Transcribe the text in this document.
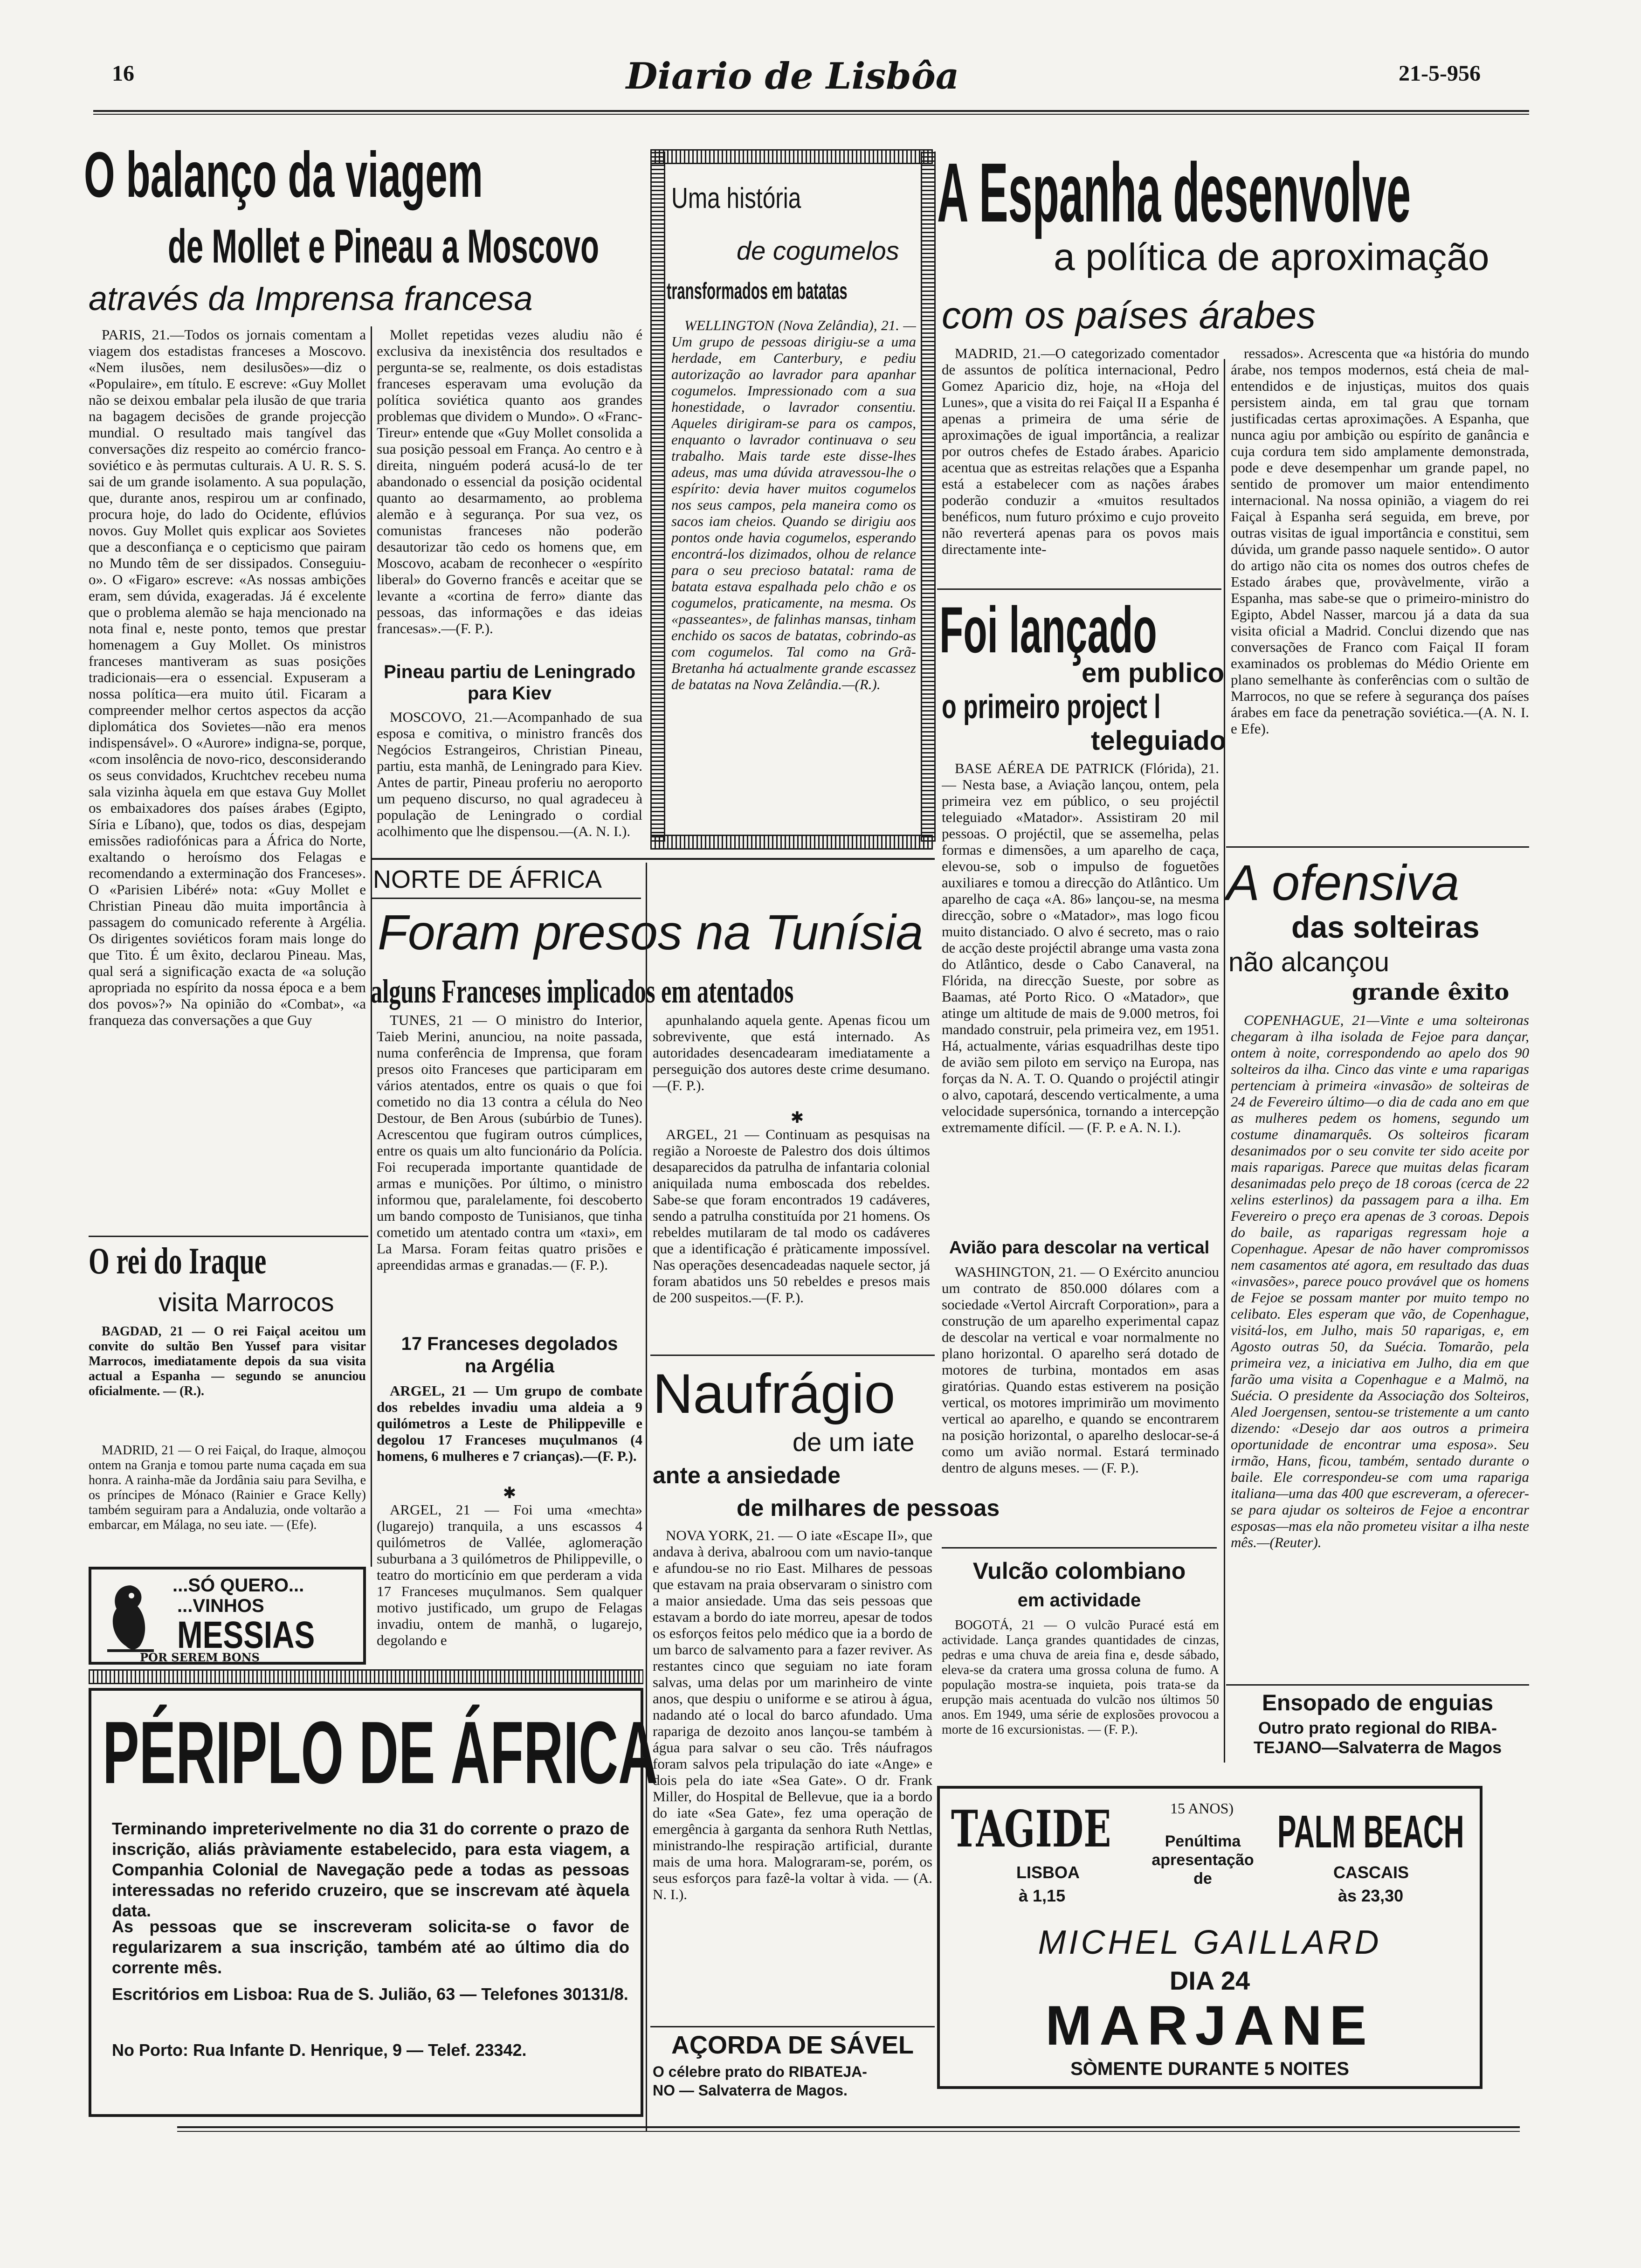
16	Diario de Lisbôa	21-5-956
O balanço da viagem
de Mollet e Pineau a Moscovo
através da Imprensa francesa

PARIS, 21.—Todos os jornais comentam a viagem dos estadistas franceses a Moscovo. «Nem ilusões, nem desilusões»—diz o «Populaire», em título. E escreve: «Guy Mollet não se deixou embalar pela ilusão de que traria na bagagem decisões de grande projecção mundial. O resultado mais tangível das conversações diz respeito ao comércio franco-soviético e às permutas culturais. A U. R. S. S. sai de um grande isolamento. A sua população, que, durante anos, respirou um ar confinado, procura hoje, do lado do Ocidente, eflúvios novos. Guy Mollet quis explicar aos Sovietes que a desconfiança e o cepticismo que pairam no Mundo têm de ser dissipados. Conseguiu-o». O «Figaro» escreve: «As nossas ambições eram, sem dúvida, exageradas. Já é excelente que o problema alemão se haja mencionado na nota final e, neste ponto, temos que prestar homenagem a Guy Mollet. Os ministros franceses mantiveram as suas posições tradicionais—era o essencial. Expuseram a nossa política—era muito útil. Ficaram a compreender melhor certos aspectos da acção diplomática dos Sovietes—não era menos indispensável». O «Aurore» indigna-se, porque, «com insolência de novo-rico, desconsiderando os seus convidados, Kruchtchev recebeu numa sala vizinha àquela em que estava Guy Mollet os embaixadores dos países árabes (Egipto, Síria e Líbano), que, todos os dias, despejam emissões radiofónicas para a África do Norte, exaltando o heroísmo dos Felagas e recomendando a exterminação dos Franceses». O «Parisien Libéré» nota: «Guy Mollet e Christian Pineau dão muita importância à passagem do comunicado referente à Argélia. Os dirigentes soviéticos foram mais longe do que Tito. É um êxito, declarou Pineau. Mas, qual será a significação exacta de «a solução apropriada no espírito da nossa época e a bem dos povos»?» Na opinião do «Combat», «a franqueza das conversações a que Guy

Mollet repetidas vezes aludiu não é exclusiva da inexistência dos resultados e pergunta-se se, realmente, os dois estadistas franceses esperavam uma evolução da política soviética quanto aos grandes problemas que dividem o Mundo». O «Franc-Tireur» entende que «Guy Mollet consolida a sua posição pessoal em França. Ao centro e à direita, ninguém poderá acusá-lo de ter abandonado o essencial da posição ocidental quanto ao desarmamento, ao problema alemão e à segurança. Por sua vez, os comunistas franceses não poderão desautorizar tão cedo os homens que, em Moscovo, acabam de reconhecer o «espírito liberal» do Governo francês e aceitar que se levante a «cortina de ferro» diante das pessoas, das informações e das ideias francesas».—(F. P.).

Pineau partiu de Leningrado para Kiev

MOSCOVO, 21.—Acompanhado de sua esposa e comitiva, o ministro francês dos Negócios Estrangeiros, Christian Pineau, partiu, esta manhã, de Leningrado para Kiev. Antes de partir, Pineau proferiu no aeroporto um pequeno discurso, no qual agradeceu à população de Leningrado o cordial acolhimento que lhe dispensou.—(A. N. I.).

Uma história
de cogumelos
transformados em batatas

WELLINGTON (Nova Zelândia), 21. — Um grupo de pessoas dirigiu-se a uma herdade, em Canterbury, e pediu autorização ao lavrador para apanhar cogumelos. Impressionado com a sua honestidade, o lavrador consentiu. Aqueles dirigiram-se para os campos, enquanto o lavrador continuava o seu trabalho. Mais tarde este disse-lhes adeus, mas uma dúvida atravessou-lhe o espírito: devia haver muitos cogumelos nos seus campos, pela maneira como os sacos iam cheios. Quando se dirigiu aos pontos onde havia cogumelos, esperando encontrá-los dizimados, olhou de relance para o seu precioso batatal: rama de batata estava espalhada pelo chão e os cogumelos, praticamente, na mesma. Os «passeantes», de falinhas mansas, tinham enchido os sacos de batatas, cobrindo-as com cogumelos. Tal como na Grã-Bretanha há actualmente grande escassez de batatas na Nova Zelândia.—(R.).

A Espanha desenvolve
a política de aproximação
com os países árabes

MADRID, 21.—O categorizado comentador de assuntos de política internacional, Pedro Gomez Aparicio diz, hoje, na «Hoja del Lunes», que a visita do rei Faiçal II a Espanha é apenas a primeira de uma série de aproximações de igual importância, a realizar por outros chefes de Estado árabes. Aparicio acentua que as estreitas relações que a Espanha está a estabelecer com as nações árabes poderão conduzir a «muitos resultados benéficos, num futuro próximo e cujo proveito não reverterá apenas para os povos mais directamente inte-

ressados». Acrescenta que «a história do mundo árabe, nos tempos modernos, está cheia de mal-entendidos e de injustiças, muitos dos quais persistem ainda, em tal grau que tornam justificadas certas aproximações. A Espanha, que nunca agiu por ambição ou espírito de ganância e cuja cordura tem sido amplamente demonstrada, pode e deve desempenhar um grande papel, no sentido de promover um maior entendimento internacional. Na nossa opinião, a viagem do rei Faiçal à Espanha será seguida, em breve, por outras visitas de igual importância e constitui, sem dúvida, um grande passo naquele sentido». O autor do artigo não cita os nomes dos outros chefes de Estado árabes que, provàvelmente, virão a Espanha, mas sabe-se que o primeiro-ministro do Egipto, Abdel Nasser, marcou já a data da sua visita oficial a Madrid. Conclui dizendo que nas conversações de Franco com Faiçal II foram examinados os problemas do Médio Oriente em plano semelhante às conferências com o sultão de Marrocos, no que se refere à segurança dos países árabes em face da penetração soviética.—(A. N. I. e Efe).

Foi lançado
em publico
o primeiro project l
teleguiado

BASE AÉREA DE PATRICK (Flórida), 21. — Nesta base, a Aviação lançou, ontem, pela primeira vez em público, o seu projéctil teleguiado «Matador». Assistiram 20 mil pessoas. O projéctil, que se assemelha, pelas formas e dimensões, a um aparelho de caça, elevou-se, sob o impulso de foguetões auxiliares e tomou a direcção do Atlântico. Um aparelho de caça «A. 86» lançou-se, na mesma direcção, sobre o «Matador», mas logo ficou muito distanciado. O alvo é secreto, mas o raio de acção deste projéctil abrange uma vasta zona do Atlântico, desde o Cabo Canaveral, na Flórida, na direcção Sueste, por sobre as Baamas, até Porto Rico. O «Matador», que atinge um altitude de mais de 9.000 metros, foi mandado construir, pela primeira vez, em 1951. Há, actualmente, várias esquadrilhas deste tipo de avião sem piloto em serviço na Europa, nas forças da N. A. T. O. Quando o projéctil atingir o alvo, capotará, descendo verticalmente, a uma velocidade supersónica, tornando a intercepção extremamente difícil. — (F. P. e A. N. I.).

Avião para descolar na vertical

WASHINGTON, 21. — O Exército anunciou um contrato de 850.000 dólares com a sociedade «Vertol Aircraft Corporation», para a construção de um aparelho experimental capaz de descolar na vertical e voar normalmente no plano horizontal. O aparelho será dotado de motores de turbina, montados em asas giratórias. Quando estas estiverem na posição vertical, os motores imprimirão um movimento vertical ao aparelho, e quando se encontrarem na posição horizontal, o aparelho deslocar-se-á como um avião normal. Estará terminado dentro de alguns meses. — (F. P.).

Vulcão colombiano
em actividade

BOGOTÁ, 21 — O vulcão Puracé está em actividade. Lança grandes quantidades de cinzas, pedras e uma chuva de areia fina e, desde sábado, eleva-se da cratera uma grossa coluna de fumo. A população mostra-se inquieta, pois trata-se da erupção mais acentuada do vulcão nos últimos 50 anos. Em 1949, uma série de explosões provocou a morte de 16 excursionistas. — (F. P.).

A ofensiva
das solteiras
não alcançou
grande êxito

COPENHAGUE, 21—Vinte e uma solteironas chegaram à ilha isolada de Fejoe para dançar, ontem à noite, correspondendo ao apelo dos 90 solteiros da ilha. Cinco das vinte e uma raparigas pertenciam à primeira «invasão» de solteiras de 24 de Fevereiro último—o dia de cada ano em que as mulheres pedem os homens, segundo um costume dinamarquês. Os solteiros ficaram desanimados por o seu convite ter sido aceite por mais raparigas. Parece que muitas delas ficaram desanimadas pelo preço de 18 coroas (cerca de 22 xelins esterlinos) da passagem para a ilha. Em Fevereiro o preço era apenas de 3 coroas. Depois do baile, as raparigas regressam hoje a Copenhague. Apesar de não haver compromissos nem casamentos até agora, em resultado das duas «invasões», parece pouco provável que os homens de Fejoe se possam manter por muito tempo no celibato. Eles esperam que vão, de Copenhague, visitá-los, em Julho, mais 50 raparigas, e, em Agosto outras 50, da Suécia. Tomarão, pela primeira vez, a iniciativa em Julho, dia em que farão uma visita a Copenhague e a Malmö, na Suécia. O presidente da Associação dos Solteiros, Aled Joergensen, sentou-se tristemente a um canto dizendo: «Desejo dar aos outros a primeira oportunidade de encontrar uma esposa». Seu irmão, Hans, ficou, também, sentado durante o baile. Ele correspondeu-se com uma rapariga italiana—uma das 400 que escreveram, a oferecer-se para ajudar os solteiros de Fejoe a encontrar esposas—mas ela não prometeu visitar a ilha neste mês.—(Reuter).

Ensopado de enguias
Outro prato regional do RIBA-
TEJANO—Salvaterra de Magos
NORTE DE ÁFRICA
Foram presos na Tunísia
alguns Franceses implicados em atentados

TUNES, 21 — O ministro do Interior, Taieb Merini, anunciou, na noite passada, numa conferência de Imprensa, que foram presos oito Franceses que participaram em vários atentados, entre os quais o que foi cometido no dia 13 contra a célula do Neo Destour, de Ben Arous (subúrbio de Tunes). Acrescentou que fugiram outros cúmplices, entre os quais um alto funcionário da Polícia. Foi recuperada importante quantidade de armas e munições. Por último, o ministro informou que, paralelamente, foi descoberto um bando composto de Tunisianos, que tinha cometido um atentado contra um «taxi», em La Marsa. Foram feitas quatro prisões e apreendidas armas e granadas.— (F. P.).

apunhalando aquela gente. Apenas ficou um sobrevivente, que está internado. As autoridades desencadearam imediatamente a perseguição dos autores deste crime desumano.—(F. P.).

✱

ARGEL, 21 — Continuam as pesquisas na região a Noroeste de Palestro dos dois últimos desaparecidos da patrulha de infantaria colonial aniquilada numa emboscada dos rebeldes. Sabe-se que foram encontrados 19 cadáveres, sendo a patrulha constituída por 21 homens. Os rebeldes mutilaram de tal modo os cadáveres que a identificação é pràticamente impossível. Nas operações desencadeadas naquele sector, já foram abatidos uns 50 rebeldes e presos mais de 200 suspeitos.—(F. P.).

17 Franceses degolados
na Argélia

ARGEL, 21 — Um grupo de combate dos rebeldes invadiu uma aldeia a 9 quilómetros a Leste de Philippeville e degolou 17 Franceses muçulmanos (4 homens, 6 mulheres e 7 crianças).—(F. P.).

✱

ARGEL, 21 — Foi uma «mechta» (lugarejo) tranquila, a uns escassos 4 quilómetros de Vallée, aglomeração suburbana a 3 quilómetros de Philippeville, o teatro do morticínio em que perderam a vida 17 Franceses muçulmanos. Sem qualquer motivo justificado, um grupo de Felagas invadiu, ontem de manhã, o lugarejo, degolando e

O rei do Iraque
visita Marrocos

BAGDAD, 21 — O rei Faiçal aceitou um convite do sultão Ben Yussef para visitar Marrocos, imediatamente depois da sua visita actual a Espanha — segundo se anunciou oficialmente. — (R.).

MADRID, 21 — O rei Faiçal, do Iraque, almoçou ontem na Granja e tomou parte numa caçada em sua honra. A rainha-mãe da Jordânia saiu para Sevilha, e os príncipes de Mónaco (Rainier e Grace Kelly) também seguiram para a Andaluzia, onde voltarão a embarcar, em Málaga, no seu iate. — (Efe).

...SÓ QUERO...
...VINHOS
MESSIAS
POR SEREM BONS
Naufrágio
de um iate
ante a ansiedade
de milhares de pessoas

NOVA YORK, 21. — O iate «Escape II», que andava à deriva, abalroou com um navio-tanque e afundou-se no rio East. Milhares de pessoas que estavam na praia observaram o sinistro com a maior ansiedade. Uma das seis pessoas que estavam a bordo do iate morreu, apesar de todos os esforços feitos pelo médico que ia a bordo de um barco de salvamento para a fazer reviver. As restantes cinco que seguiam no iate foram salvas, uma delas por um marinheiro de vinte anos, que despiu o uniforme e se atirou à água, nadando até o local do barco afundado. Uma rapariga de dezoito anos lançou-se também à água para salvar o seu cão. Três náufragos foram salvos pela tripulação do iate «Ange» e dois pela do iate «Sea Gate». O dr. Frank Miller, do Hospital de Bellevue, que ia a bordo do iate «Sea Gate», fez uma operação de emergência à garganta da senhora Ruth Nettlas, ministrando-lhe respiração artificial, durante mais de uma hora. Malograram-se, porém, os seus esforços para fazê-la voltar à vida. — (A. N. I.).

AÇORDA DE SÁVEL
O célebre prato do RIBATEJA-
NO — Salvaterra de Magos.
PÉRIPLO DE ÁFRICA
Terminando impreterivelmente no dia 31 do corrente o prazo de inscrição, aliás pràviamente estabelecido, para esta viagem, a Companhia Colonial de Navegação pede a todas as pessoas interessadas no referido cruzeiro, que se inscrevam até àquela data.
As pessoas que se inscreveram solicita-se o favor de regularizarem a sua inscrição, também até ao último dia do corrente mês.
Escritórios em Lisboa: Rua de S. Julião, 63 — Telefones 30131/8.
No Porto: Rua Infante D. Henrique, 9 — Telef. 23342.
TAGIDE	15 ANOS) PALM BEACH
Penúltima
apresentação
de
LISBOA
à 1,15
CASCAIS
às 23,30
MICHEL GAILLARD
DIA 24
MARJANE
SÒMENTE DURANTE 5 NOITES
